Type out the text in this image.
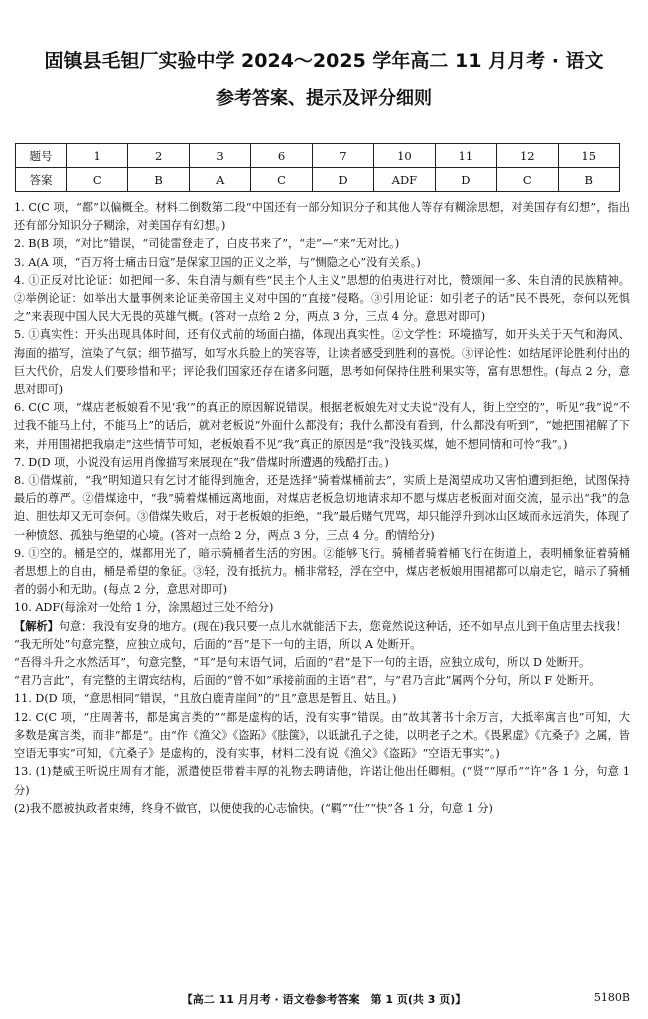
固镇县毛钽厂实验中学 2024～2025 学年高二 11 月月考 · 语文
参考答案、提示及评分细则
题号	1	2	3	6	7	10	11	12	15
答案	C	B	A	C	D	ADF	D	C	B

1. C(C 项，“都”以偏概全。材料二倒数第二段“中国还有一部分知识分子和其他人等存有糊涂思想，对美国存有幻想”，指出还有部分知识分子糊涂，对美国存有幻想。)

2. B(B 项，“对比”错误，“司徒雷登走了，白皮书来了”，“走”—“来”无对比。)

3. A(A 项，“百万将士痛击日寇”是保家卫国的正义之举，与“恻隐之心”没有关系。)

4. ①正反对比论证：如把闻一多、朱自清与颇有些“民主个人主义”思想的伯夷进行对比，赞颂闻一多、朱自清的民族精神。②举例论证：如举出大量事例来论证美帝国主义对中国的“直接”侵略。③引用论证：如引老子的话“民不畏死，奈何以死惧之”来表现中国人民大无畏的英雄气概。(答对一点给 2 分，两点 3 分，三点 4 分。意思对即可)

5. ①真实性：开头出现具体时间，还有仪式前的场面白描，体现出真实性。②文学性：环境描写，如开头关于天气和海风、海面的描写，渲染了气氛；细节描写，如写水兵脸上的笑容等，让读者感受到胜利的喜悦。③评论性：如结尾评论胜利付出的巨大代价，启发人们要珍惜和平；评论我们国家还存在诸多问题，思考如何保持住胜利果实等，富有思想性。(每点 2 分，意思对即可)

6. C(C 项，“煤店老板娘看不见‘我’”的真正的原因解说错误。根据老板娘先对丈夫说“没有人，街上空空的”，听见“我”说“不过我不能马上付，不能马上”的话后，就对老板说“外面什么都没有；我什么都没有看到，什么都没有听到”，“她把围裙解了下来，并用围裙把我扇走”这些情节可知，老板娘看不见“我”真正的原因是“我”没钱买煤，她不想同情和可怜“我”。)

7. D(D 项，小说没有运用肖像描写来展现在“我”借煤时所遭遇的残酷打击。)

8. ①借煤前，“我”明知道只有乞讨才能得到施舍，还是选择“骑着煤桶前去”，实质上是渴望成功又害怕遭到拒绝，试图保持最后的尊严。②借煤途中，“我”骑着煤桶远离地面，对煤店老板急切地请求却不愿与煤店老板面对面交流，显示出“我”的急迫、胆怯却又无可奈何。③借煤失败后，对于老板娘的拒绝，“我”最后赌气咒骂，却只能浮升到冰山区域而永远消失，体现了一种愤怒、孤独与绝望的心境。(答对一点给 2 分，两点 3 分，三点 4 分。酌情给分)

9. ①空的。桶是空的，煤都用光了，暗示骑桶者生活的穷困。②能够飞行。骑桶者骑着桶飞行在街道上，表明桶象征着骑桶者思想上的自由，桶是希望的象征。③轻，没有抵抗力。桶非常轻，浮在空中，煤店老板娘用围裙都可以扇走它，暗示了骑桶者的弱小和无助。(每点 2 分，意思对即可)

10. ADF(每涂对一处给 1 分，涂黑超过三处不给分)

【解析】句意：我没有安身的地方。(现在)我只要一点儿水就能活下去，您竟然说这种话，还不如早点儿到干鱼店里去找我！

“我无所处”句意完整，应独立成句，后面的“吾”是下一句的主语，所以 A 处断开。

“吾得斗升之水然活耳”，句意完整，“耳”是句末语气词，后面的“君”是下一句的主语，应独立成句，所以 D 处断开。

“君乃言此”，有完整的主谓宾结构，后面的“曾不如”承接前面的主语“君”，与“君乃言此”属两个分句，所以 F 处断开。

11. D(D 项，“意思相同”错误，“且放白鹿青崖间”的“且”意思是暂且、姑且。)

12. C(C 项，“庄周著书，都是寓言类的”“都是虚构的话，没有实事”错误。由“故其著书十余万言，大抵率寓言也”可知，大多数是寓言类，而非“都是”。由“作《渔父》《盗跖》《胠箧》，以诋訿孔子之徒，以明老子之术。《畏累虚》《亢桑子》之属，皆空语无事实”可知，《亢桑子》是虚构的，没有实事，材料二没有说《渔父》《盗跖》“空语无事实”。)

13. (1)楚威王听说庄周有才能，派遣使臣带着丰厚的礼物去聘请他，许诺让他出任卿相。(“贤”“厚币”“许”各 1 分，句意 1 分)

(2)我不愿被执政者束缚，终身不做官，以便使我的心志愉快。(“羁”“仕”“快”各 1 分，句意 1 分)

【高二 11 月月考 · 语文卷参考答案　第 1 页(共 3 页)】	5180B
